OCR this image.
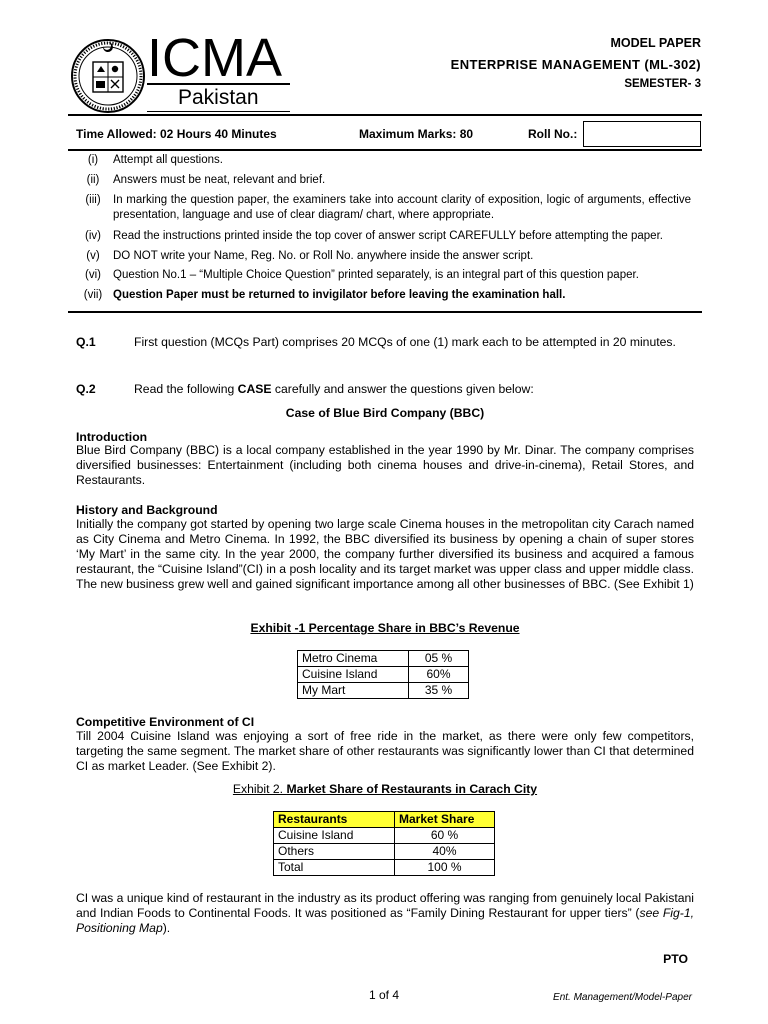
ICMA
Pakistan
MODEL PAPER
ENTERPRISE MANAGEMENT (ML-302)
SEMESTER- 3
Time Allowed: 02 Hours 40 Minutes	Maximum Marks: 80	Roll No.:
(i)	Attempt all questions.
(ii)	Answers must be neat, relevant and brief.
(iii)	In marking the question paper, the examiners take into account clarity of exposition, logic of arguments, effective presentation, language and use of clear diagram/ chart, where appropriate.
(iv)	Read the instructions printed inside the top cover of answer script CAREFULLY before attempting the paper.
(v)	DO NOT write your Name, Reg. No. or Roll No. anywhere inside the answer script.
(vi)	Question No.1 – “Multiple Choice Question” printed separately, is an integral part of this question paper.
(vii) Question Paper must be returned to invigilator before leaving the examination hall.
Q.1	First question (MCQs Part) comprises 20 MCQs of one (1) mark each to be attempted in 20 minutes.
Q.2	Read the following CASE carefully and answer the questions given below:
Case of Blue Bird Company (BBC)
Introduction
Blue Bird Company (BBC) is a local company established in the year 1990 by Mr. Dinar. The company comprises diversified businesses: Entertainment (including both cinema houses and drive-in-cinema), Retail Stores, and Restaurants.
History and Background
Initially the company got started by opening two large scale Cinema houses in the metropolitan city Carach named as City Cinema and Metro Cinema. In 1992, the BBC diversified its business by opening a chain of super stores ‘My Mart’ in the same city. In the year 2000, the company further diversified its business and acquired a famous restaurant, the “Cuisine Island”(CI) in a posh locality and its target market was upper class and upper middle class. The new business grew well and gained significant importance among all other businesses of BBC. (See Exhibit 1)
Exhibit -1 Percentage Share in BBC’s Revenue
Metro Cinema	05 %
Cuisine Island	60%
My Mart	35 %
Competitive Environment of CI
Till 2004 Cuisine Island was enjoying a sort of free ride in the market, as there were only few competitors, targeting the same segment. The market share of other restaurants was significantly lower than CI that determined CI as market Leader. (See Exhibit 2).
Exhibit 2. Market Share of Restaurants in Carach City
Restaurants	Market Share
Cuisine Island	60 %
Others	40%
Total	100 %
CI was a unique kind of restaurant in the industry as its product offering was ranging from genuinely local Pakistani and Indian Foods to Continental Foods. It was positioned as “Family Dining Restaurant for upper tiers” (see Fig-1, Positioning Map).
PTO
1 of 4	Ent. Management/Model-Paper
